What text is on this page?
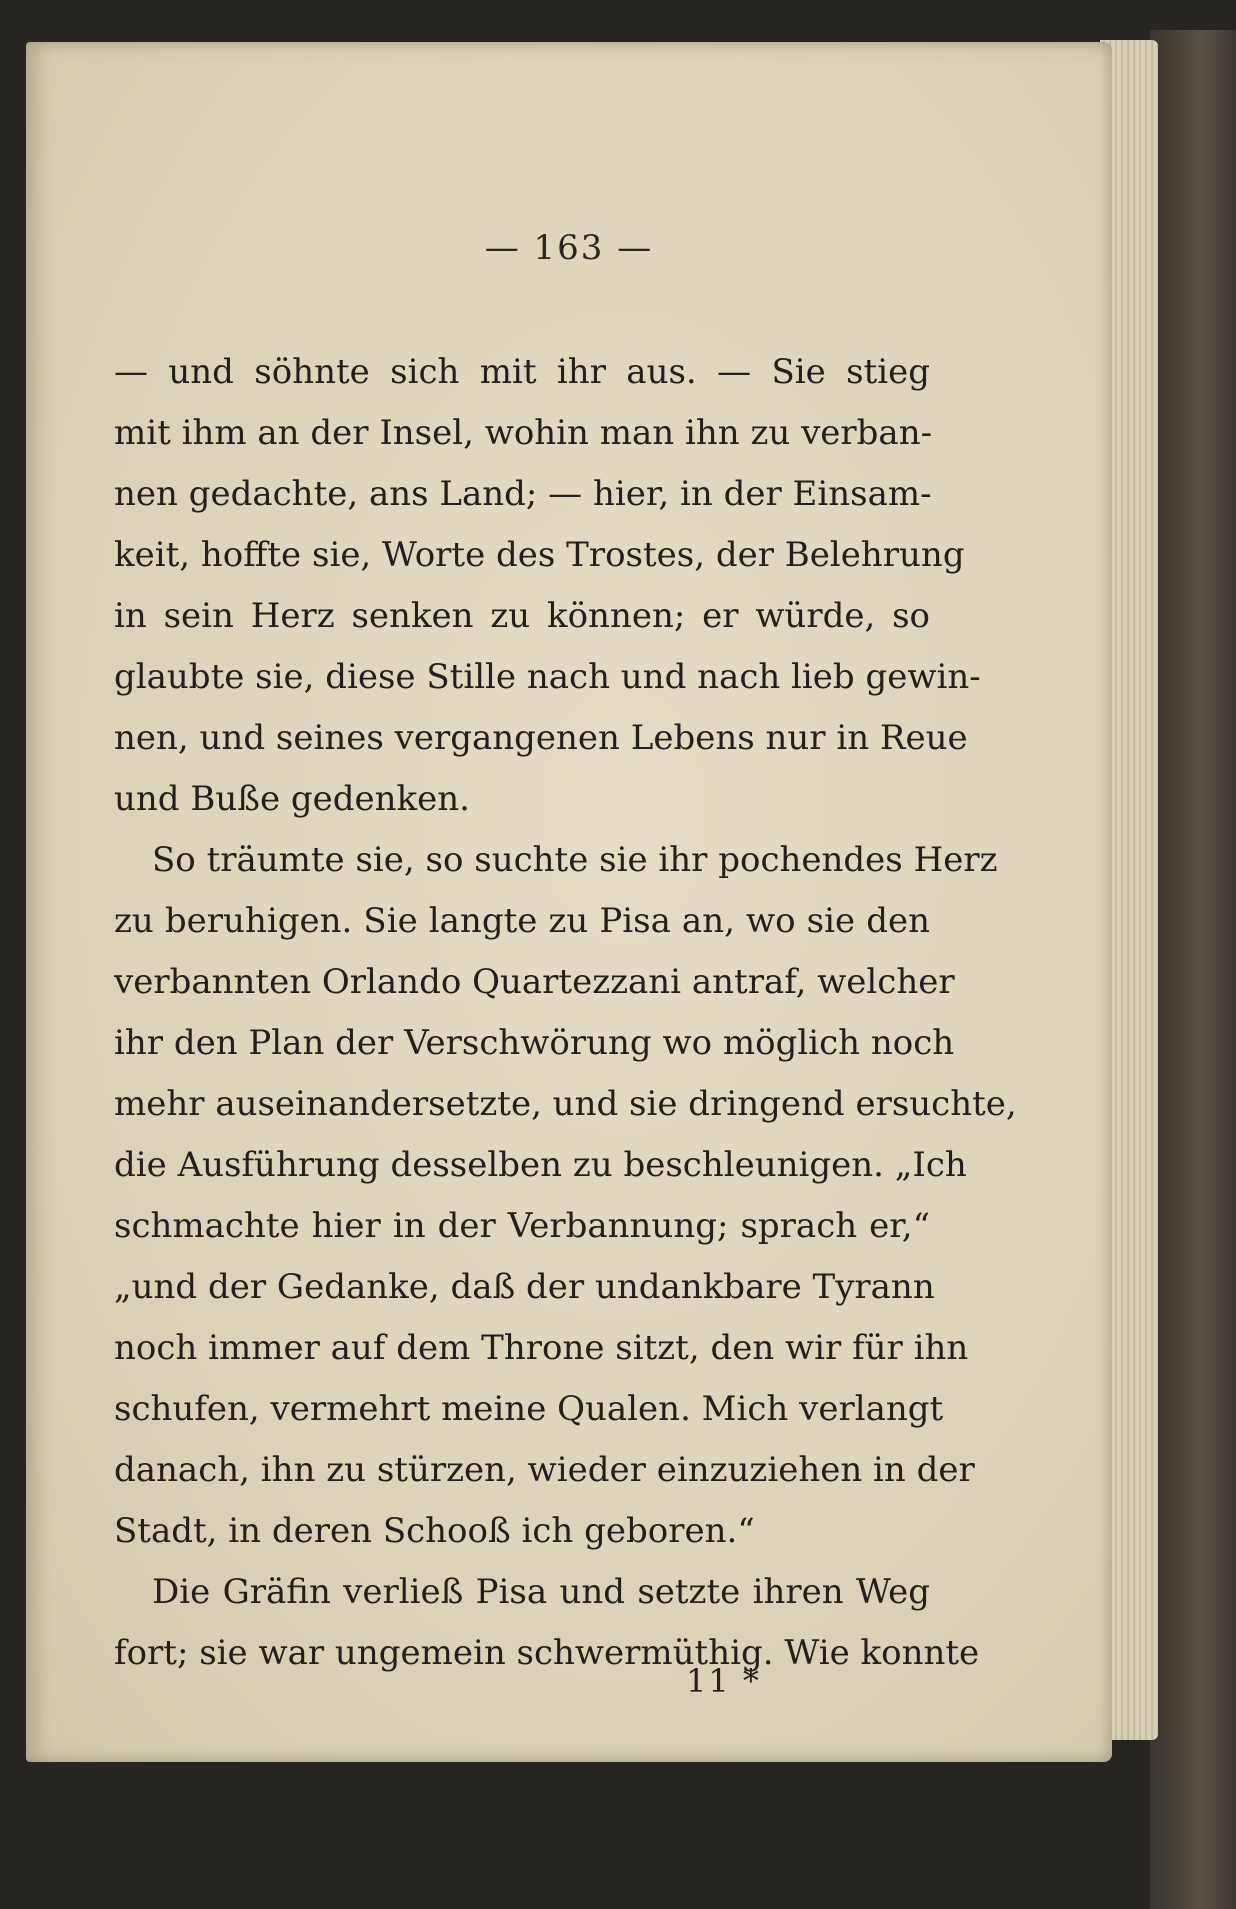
— 163 —
— und söhnte sich mit ihr aus. — Sie stieg
mit ihm an der Insel, wohin man ihn zu verban-
nen gedachte, ans Land; — hier, in der Einsam-
keit, hoffte sie, Worte des Trostes, der Belehrung
in sein Herz senken zu können; er würde, so
glaubte sie, diese Stille nach und nach lieb gewin-
nen, und seines vergangenen Lebens nur in Reue
und Buße gedenken.
So träumte sie, so suchte sie ihr pochendes Herz
zu beruhigen. Sie langte zu Pisa an, wo sie den
verbannten Orlando Quartezzani antraf, welcher
ihr den Plan der Verschwörung wo möglich noch
mehr auseinandersetzte, und sie dringend ersuchte,
die Ausführung desselben zu beschleunigen. „Ich
schmachte hier in der Verbannung; sprach er,“
„und der Gedanke, daß der undankbare Tyrann
noch immer auf dem Throne sitzt, den wir für ihn
schufen, vermehrt meine Qualen. Mich verlangt
danach, ihn zu stürzen, wieder einzuziehen in der
Stadt, in deren Schooß ich geboren.“
Die Gräfin verließ Pisa und setzte ihren Weg
fort; sie war ungemein schwermüthig. Wie konnte
11 *
